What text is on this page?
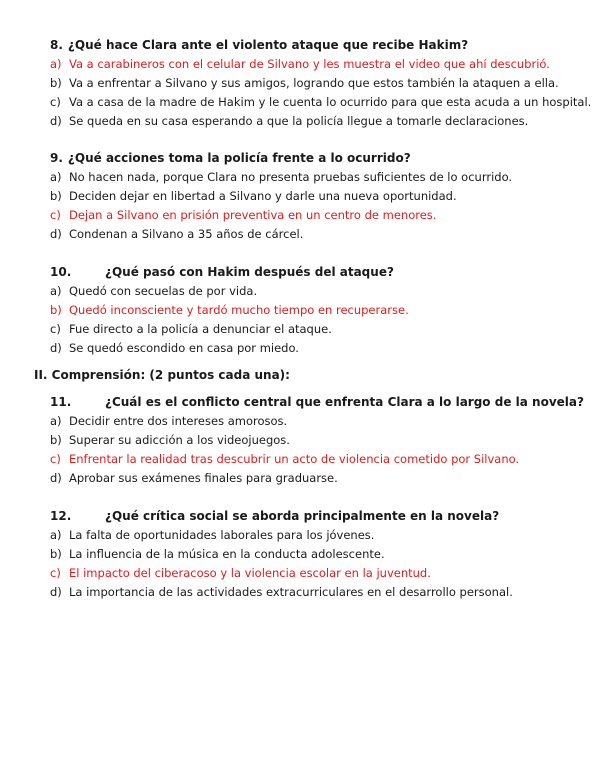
8. ¿Qué hace Clara ante el violento ataque que recibe Hakim?
a) Va a carabineros con el celular de Silvano y les muestra el video que ahí descubrió.
b) Va a enfrentar a Silvano y sus amigos, logrando que estos también la ataquen a ella.
c) Va a casa de la madre de Hakim y le cuenta lo ocurrido para que esta acuda a un hospital.
d) Se queda en su casa esperando a que la policía llegue a tomarle declaraciones.
9. ¿Qué acciones toma la policía frente a lo ocurrido?
a) No hacen nada, porque Clara no presenta pruebas suficientes de lo ocurrido.
b) Deciden dejar en libertad a Silvano y darle una nueva oportunidad.
c) Dejan a Silvano en prisión preventiva en un centro de menores.
d) Condenan a Silvano a 35 años de cárcel.
10.	¿Qué pasó con Hakim después del ataque?
a) Quedó con secuelas de por vida.
b) Quedó inconsciente y tardó mucho tiempo en recuperarse.
c) Fue directo a la policía a denunciar el ataque.
d) Se quedó escondido en casa por miedo.
II. Comprensión: (2 puntos cada una):
11.	¿Cuál es el conflicto central que enfrenta Clara a lo largo de la novela?
a) Decidir entre dos intereses amorosos.
b) Superar su adicción a los videojuegos.
c) Enfrentar la realidad tras descubrir un acto de violencia cometido por Silvano.
d) Aprobar sus exámenes finales para graduarse.
12.	¿Qué crítica social se aborda principalmente en la novela?
a) La falta de oportunidades laborales para los jóvenes.
b) La influencia de la música en la conducta adolescente.
c) El impacto del ciberacoso y la violencia escolar en la juventud.
d) La importancia de las actividades extracurriculares en el desarrollo personal.
